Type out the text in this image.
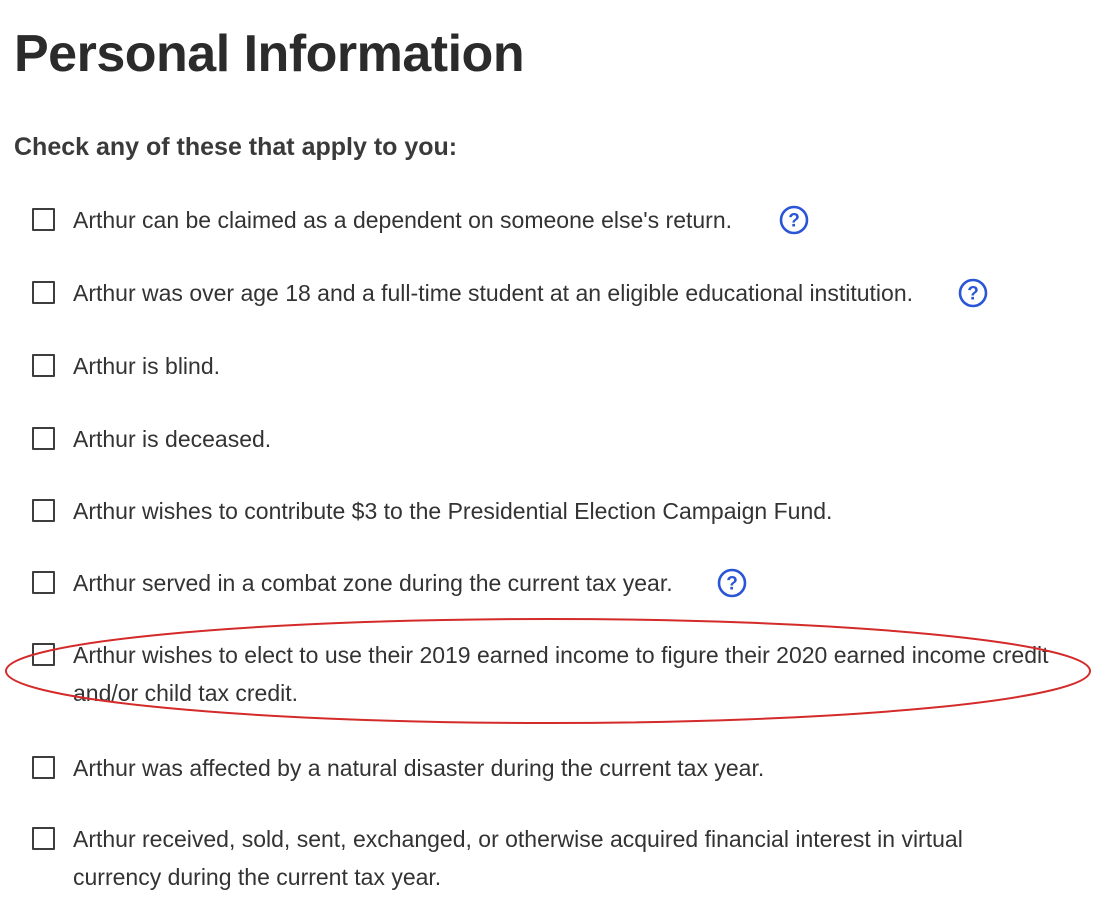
Personal Information
Check any of these that apply to you:
Arthur can be claimed as a dependent on someone else's return.	?
Arthur was over age 18 and a full-time student at an eligible educational institution.	?
Arthur is blind.
Arthur is deceased.
Arthur wishes to contribute $3 to the Presidential Election Campaign Fund.
Arthur served in a combat zone during the current tax year.	?
Arthur wishes to elect to use their 2019 earned income to figure their 2020 earned income credit and/or child tax credit.
Arthur was affected by a natural disaster during the current tax year.
Arthur received, sold, sent, exchanged, or otherwise acquired financial interest in virtual currency during the current tax year.
